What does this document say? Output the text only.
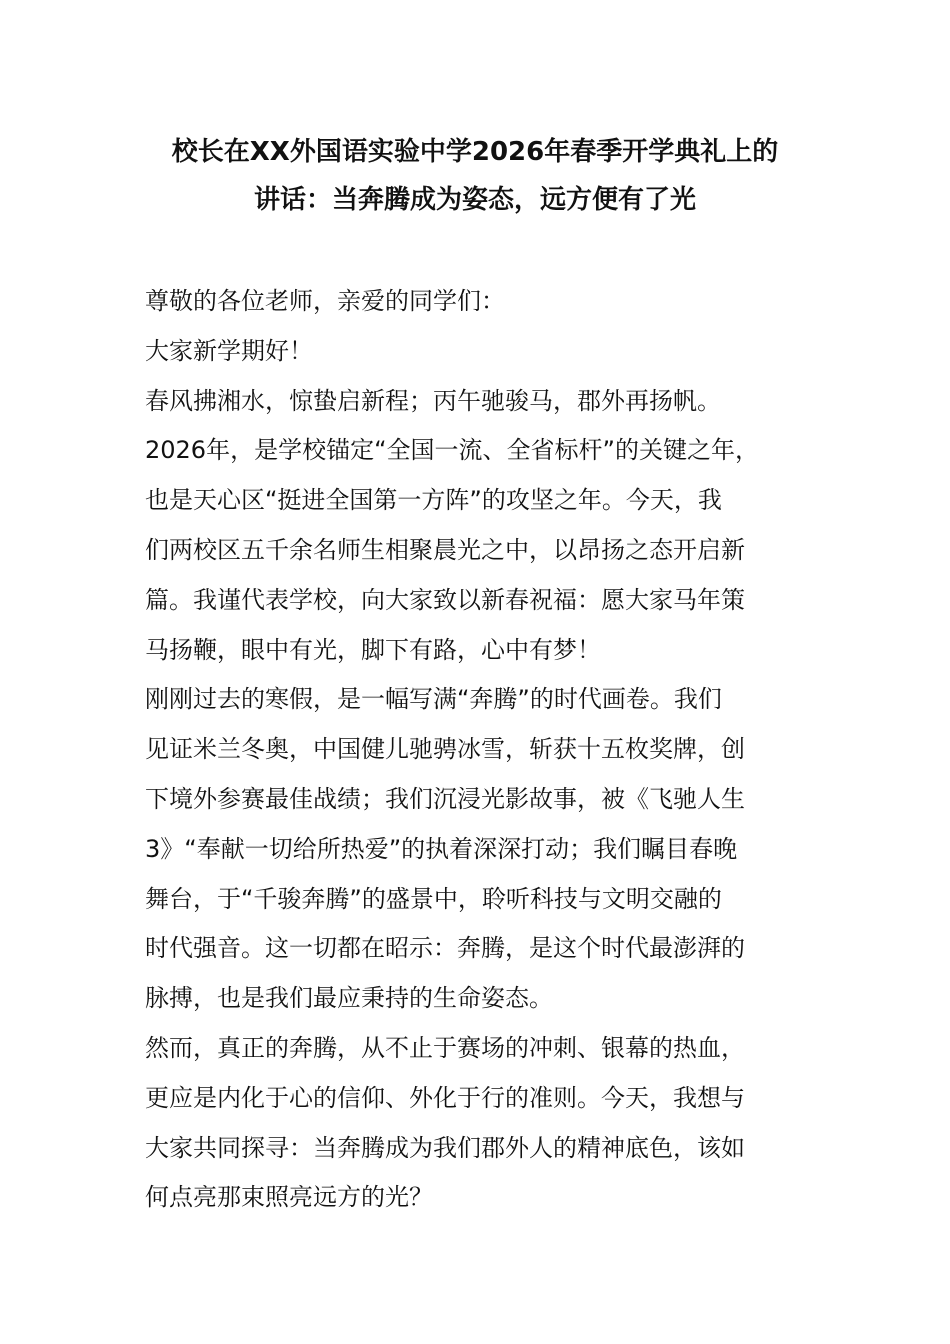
校长在XX外国语实验中学2026年春季开学典礼上的
讲话：当奔腾成为姿态，远方便有了光
尊敬的各位老师，亲爱的同学们：
大家新学期好！
春风拂湘水，惊蛰启新程；丙午驰骏马，郡外再扬帆。
2026年，是学校锚定“全国一流、全省标杆”的关键之年，
也是天心区“挺进全国第一方阵”的攻坚之年。今天，我
们两校区五千余名师生相聚晨光之中，以昂扬之态开启新
篇。我谨代表学校，向大家致以新春祝福：愿大家马年策
马扬鞭，眼中有光，脚下有路，心中有梦！
刚刚过去的寒假，是一幅写满“奔腾”的时代画卷。我们
见证米兰冬奥，中国健儿驰骋冰雪，斩获十五枚奖牌，创
下境外参赛最佳战绩；我们沉浸光影故事，被《飞驰人生
3》“奉献一切给所热爱”的执着深深打动；我们瞩目春晚
舞台，于“千骏奔腾”的盛景中，聆听科技与文明交融的
时代强音。这一切都在昭示：奔腾，是这个时代最澎湃的
脉搏，也是我们最应秉持的生命姿态。
然而，真正的奔腾，从不止于赛场的冲刺、银幕的热血，
更应是内化于心的信仰、外化于行的准则。今天，我想与
大家共同探寻：当奔腾成为我们郡外人的精神底色，该如
何点亮那束照亮远方的光？
